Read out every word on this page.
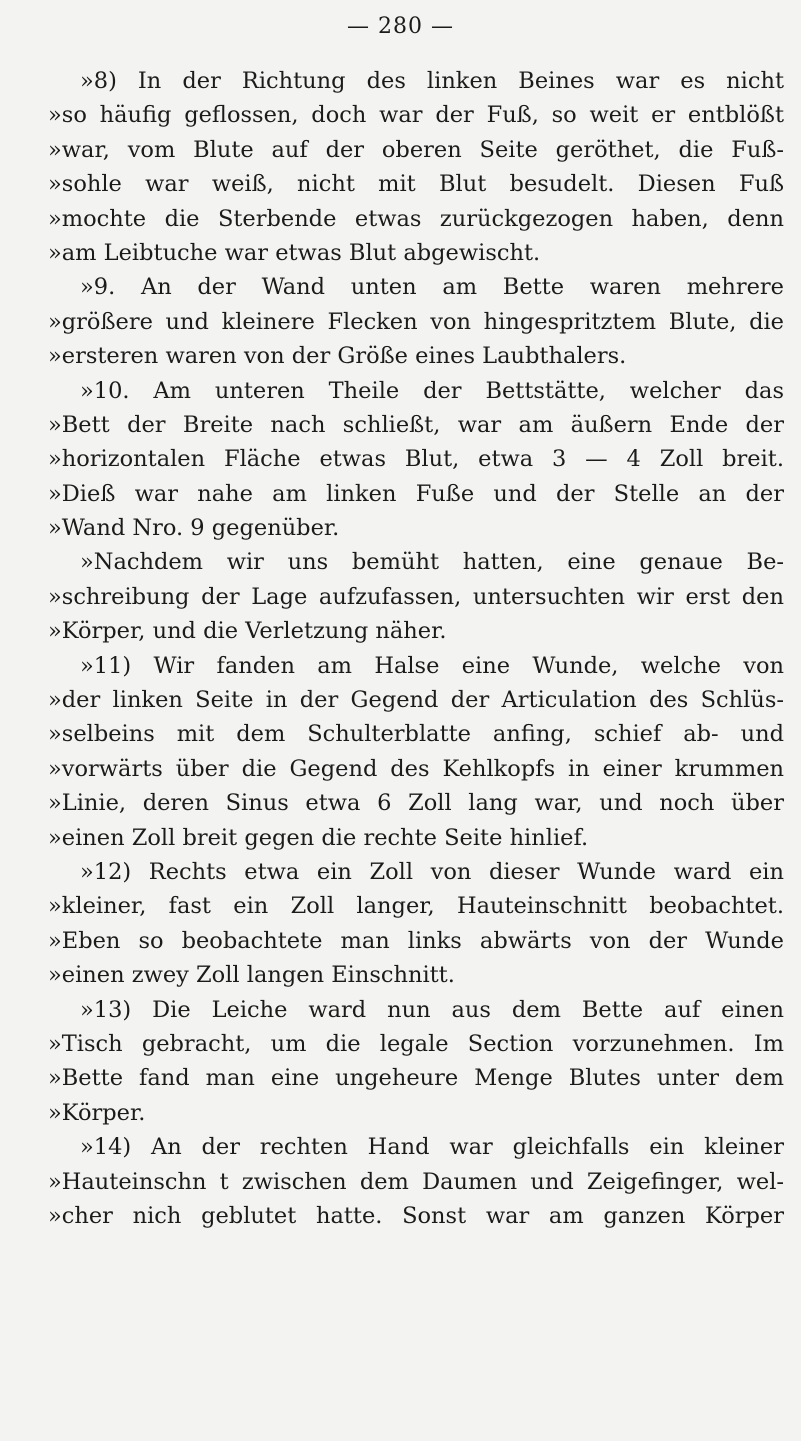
— 280 —
»8) In der Richtung des linken Beines war es nicht
»so häufig geflossen, doch war der Fuß, so weit er entblößt
»war, vom Blute auf der oberen Seite geröthet, die Fuß-
»sohle war weiß, nicht mit Blut besudelt. Diesen Fuß
»mochte die Sterbende etwas zurückgezogen haben, denn
»am Leibtuche war etwas Blut abgewischt.
»9. An der Wand unten am Bette waren mehrere
»größere und kleinere Flecken von hingespritztem Blute, die
»ersteren waren von der Größe eines Laubthalers.
»10. Am unteren Theile der Bettstätte, welcher das
»Bett der Breite nach schließt, war am äußern Ende der
»horizontalen Fläche etwas Blut, etwa 3 — 4 Zoll breit.
»Dieß war nahe am linken Fuße und der Stelle an der
»Wand Nro. 9 gegenüber.
»Nachdem wir uns bemüht hatten, eine genaue Be-
»schreibung der Lage aufzufassen, untersuchten wir erst den
»Körper, und die Verletzung näher.
»11) Wir fanden am Halse eine Wunde, welche von
»der linken Seite in der Gegend der Articulation des Schlüs-
»selbeins mit dem Schulterblatte anfing, schief ab- und
»vorwärts über die Gegend des Kehlkopfs in einer krummen
»Linie, deren Sinus etwa 6 Zoll lang war, und noch über
»einen Zoll breit gegen die rechte Seite hinlief.
»12) Rechts etwa ein Zoll von dieser Wunde ward ein
»kleiner, fast ein Zoll langer, Hauteinschnitt beobachtet.
»Eben so beobachtete man links abwärts von der Wunde
»einen zwey Zoll langen Einschnitt.
»13) Die Leiche ward nun aus dem Bette auf einen
»Tisch gebracht, um die legale Section vorzunehmen. Im
»Bette fand man eine ungeheure Menge Blutes unter dem
»Körper.
»14) An der rechten Hand war gleichfalls ein kleiner
»Hauteinschn t zwischen dem Daumen und Zeigefinger, wel-
»cher nich geblutet hatte. Sonst war am ganzen Körper
